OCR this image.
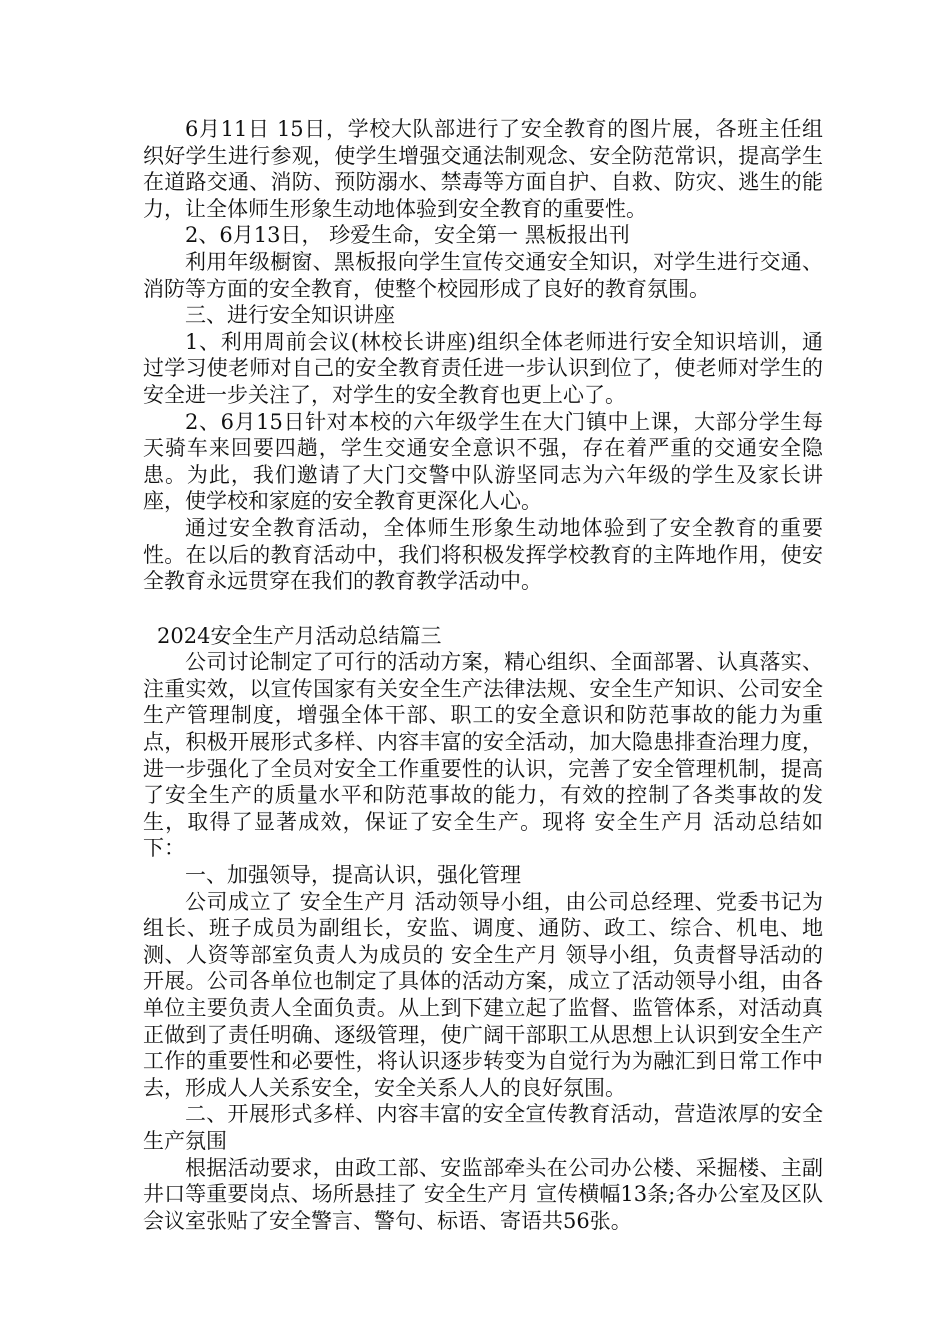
6月11日 15日，学校大队部进行了安全教育的图片展，各班主任组织好学生进行参观，使学生增强交通法制观念、安全防范常识，提高学生在道路交通、消防、预防溺水、禁毒等方面自护、自救、防灾、逃生的能力，让全体师生形象生动地体验到安全教育的重要性。

2、6月13日， 珍爱生命，安全第一 黑板报出刊

利用年级橱窗、黑板报向学生宣传交通安全知识，对学生进行交通、消防等方面的安全教育，使整个校园形成了良好的教育氛围。

三、进行安全知识讲座

1、利用周前会议(林校长讲座)组织全体老师进行安全知识培训，通过学习使老师对自己的安全教育责任进一步认识到位了，使老师对学生的安全进一步关注了，对学生的安全教育也更上心了。

2、6月15日针对本校的六年级学生在大门镇中上课，大部分学生每天骑车来回要四趟，学生交通安全意识不强，存在着严重的交通安全隐患。为此，我们邀请了大门交警中队游坚同志为六年级的学生及家长讲座，使学校和家庭的安全教育更深化人心。

通过安全教育活动，全体师生形象生动地体验到了安全教育的重要性。在以后的教育活动中，我们将积极发挥学校教育的主阵地作用，使安全教育永远贯穿在我们的教育教学活动中。

2024安全生产月活动总结篇三

公司讨论制定了可行的活动方案，精心组织、全面部署、认真落实、注重实效，以宣传国家有关安全生产法律法规、安全生产知识、公司安全生产管理制度，增强全体干部、职工的安全意识和防范事故的能力为重点，积极开展形式多样、内容丰富的安全活动，加大隐患排查治理力度，进一步强化了全员对安全工作重要性的认识，完善了安全管理机制，提高了安全生产的质量水平和防范事故的能力，有效的控制了各类事故的发生，取得了显著成效，保证了安全生产。现将 安全生产月 活动总结如下：

一、加强领导，提高认识，强化管理

公司成立了 安全生产月 活动领导小组，由公司总经理、党委书记为组长、班子成员为副组长，安监、调度、通防、政工、综合、机电、地测、人资等部室负责人为成员的 安全生产月 领导小组，负责督导活动的开展。公司各单位也制定了具体的活动方案，成立了活动领导小组，由各单位主要负责人全面负责。从上到下建立起了监督、监管体系，对活动真正做到了责任明确、逐级管理，使广阔干部职工从思想上认识到安全生产工作的重要性和必要性，将认识逐步转变为自觉行为为融汇到日常工作中去，形成人人关系安全，安全关系人人的良好氛围。

二、开展形式多样、内容丰富的安全宣传教育活动，营造浓厚的安全生产氛围

根据活动要求，由政工部、安监部牵头在公司办公楼、采掘楼、主副井口等重要岗点、场所悬挂了 安全生产月 宣传横幅13条;各办公室及区队会议室张贴了安全警言、警句、标语、寄语共56张。
